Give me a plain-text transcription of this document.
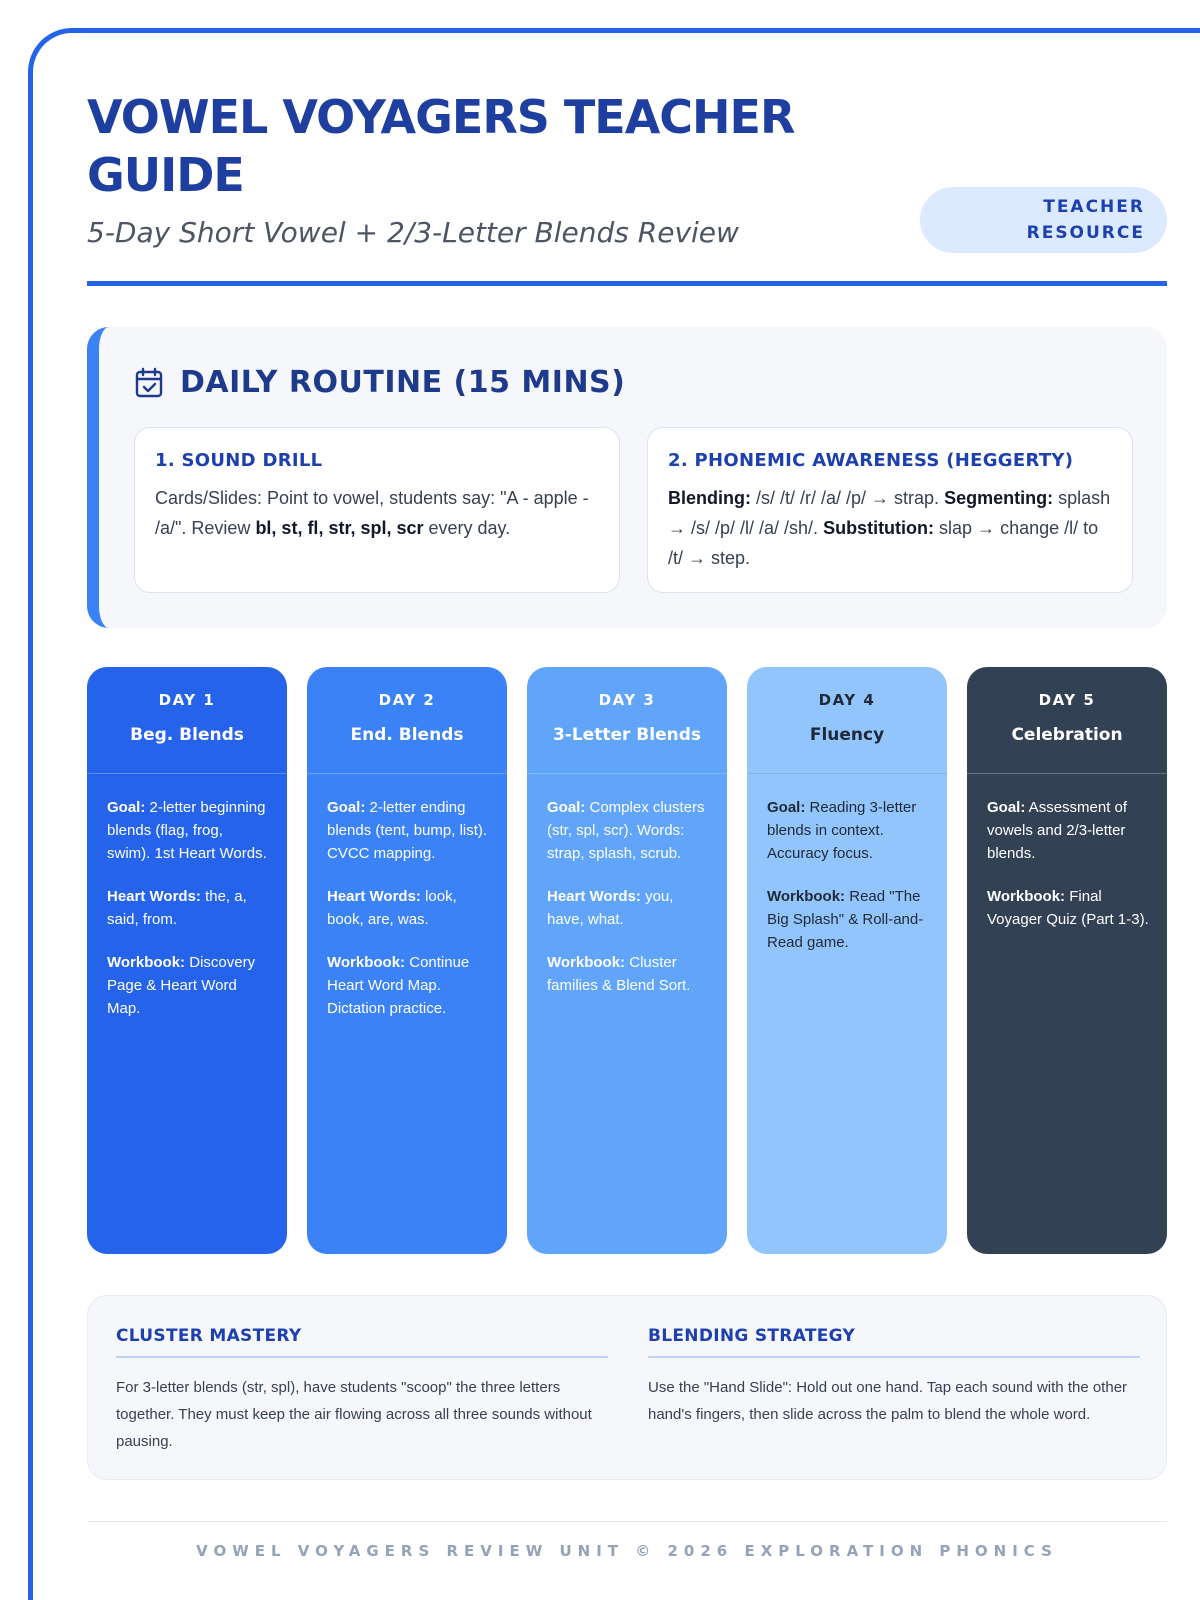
VOWEL VOYAGERS TEACHER GUIDE
5-Day Short Vowel + 2/3-Letter Blends Review
TEACHER RESOURCE
DAILY ROUTINE (15 MINS)
1. SOUND DRILL
Cards/Slides: Point to vowel, students say: "A - apple - /a/". Review bl, st, fl, str, spl, scr every day.
2. PHONEMIC AWARENESS (HEGGERTY)
Blending: /s/ /t/ /r/ /a/ /p/ → strap. Segmenting: splash → /s/ /p/ /l/ /a/ /sh/. Substitution: slap → change /l/ to /t/ → step.
DAY 1
Beg. Blends

Goal: 2-letter beginning blends (flag, frog, swim). 1st Heart Words.

Heart Words: the, a, said, from.

Workbook: Discovery Page & Heart Word Map.

DAY 2
End. Blends

Goal: 2-letter ending blends (tent, bump, list). CVCC mapping.

Heart Words: look, book, are, was.

Workbook: Continue Heart Word Map. Dictation practice.

DAY 3
3-Letter Blends

Goal: Complex clusters (str, spl, scr). Words: strap, splash, scrub.

Heart Words: you, have, what.

Workbook: Cluster families & Blend Sort.

DAY 4
Fluency

Goal: Reading 3-letter blends in context. Accuracy focus.

Workbook: Read "The Big Splash" & Roll-and-Read game.

DAY 5
Celebration

Goal: Assessment of vowels and 2/3-letter blends.

Workbook: Final Voyager Quiz (Part 1-3).

CLUSTER MASTERY
For 3-letter blends (str, spl), have students "scoop" the three letters together. They must keep the air flowing across all three sounds without pausing.
BLENDING STRATEGY
Use the "Hand Slide": Hold out one hand. Tap each sound with the other hand's fingers, then slide across the palm to blend the whole word.
VOWEL VOYAGERS REVIEW UNIT © 2026 EXPLORATION PHONICS
